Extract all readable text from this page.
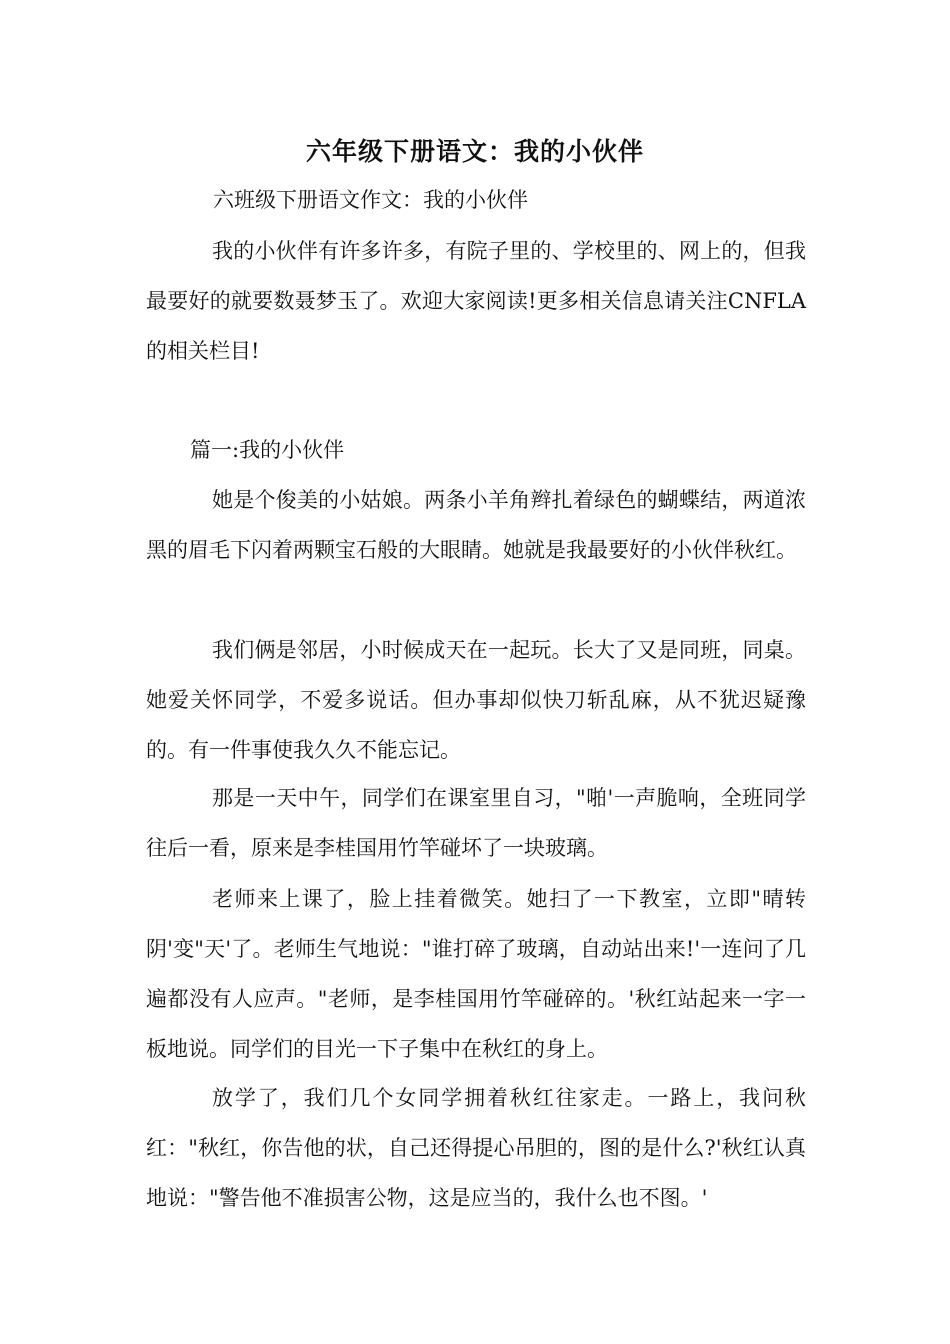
六年级下册语文：我的小伙伴
六班级下册语文作文：我的小伙伴

我的小伙伴有许多许多，有院子里的、学校里的、网上的，但我最要好的就要数聂梦玉了。欢迎大家阅读!更多相关信息请关注CNFLA的相关栏目!

篇一:我的小伙伴

她是个俊美的小姑娘。两条小羊角辫扎着绿色的蝴蝶结，两道浓黑的眉毛下闪着两颗宝石般的大眼睛。她就是我最要好的小伙伴秋红。

我们俩是邻居，小时候成天在一起玩。长大了又是同班，同桌。她爱关怀同学，不爱多说话。但办事却似快刀斩乱麻，从不犹迟疑豫的。有一件事使我久久不能忘记。

那是一天中午，同学们在课室里自习，"啪'一声脆响，全班同学往后一看，原来是李桂国用竹竿碰坏了一块玻璃。

老师来上课了，脸上挂着微笑。她扫了一下教室，立即"晴转阴'变"天'了。老师生气地说："谁打碎了玻璃，自动站出来!'一连问了几遍都没有人应声。"老师，是李桂国用竹竿碰碎的。'秋红站起来一字一板地说。同学们的目光一下子集中在秋红的身上。

放学了，我们几个女同学拥着秋红往家走。一路上，我问秋红："秋红，你告他的状，自己还得提心吊胆的，图的是什么?'秋红认真地说："警告他不准损害公物，这是应当的，我什么也不图。'
